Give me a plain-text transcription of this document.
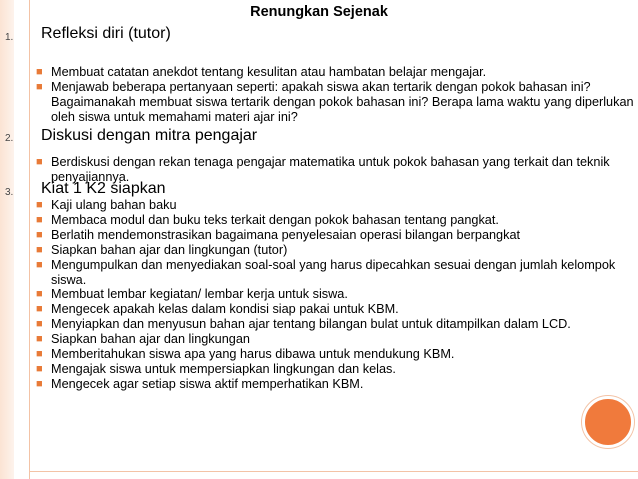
Renungkan Sejenak
1. Refleksi diri (tutor)
■ Membuat catatan anekdot tentang kesulitan atau hambatan belajar mengajar.
■ Menjawab beberapa pertanyaan seperti: apakah siswa akan tertarik dengan pokok bahasan ini? Bagaimanakah membuat siswa tertarik dengan pokok bahasan ini? Berapa lama waktu yang diperlukan oleh siswa untuk memahami materi ajar ini?
2. Diskusi dengan mitra pengajar
■ Berdiskusi dengan rekan tenaga pengajar matematika untuk pokok bahasan yang terkait dan teknik penyajiannya.
3. Kiat 1 K2 siapkan
■ Kaji ulang bahan baku
■ Membaca modul dan buku teks terkait dengan pokok bahasan tentang pangkat.
■ Berlatih mendemonstrasikan bagaimana penyelesaian operasi bilangan berpangkat
■ Siapkan bahan ajar dan lingkungan (tutor)
■ Mengumpulkan dan menyediakan soal-soal yang harus dipecahkan sesuai dengan jumlah kelompok siswa.
■ Membuat lembar kegiatan/ lembar kerja untuk siswa.
■ Mengecek apakah kelas dalam kondisi siap pakai untuk KBM.
■ Menyiapkan dan menyusun bahan ajar tentang bilangan bulat untuk ditampilkan dalam LCD.
■ Siapkan bahan ajar dan lingkungan
■ Memberitahukan siswa apa yang harus dibawa untuk mendukung KBM.
■ Mengajak siswa untuk mempersiapkan lingkungan dan kelas.
■ Mengecek agar setiap siswa aktif memperhatikan KBM.
